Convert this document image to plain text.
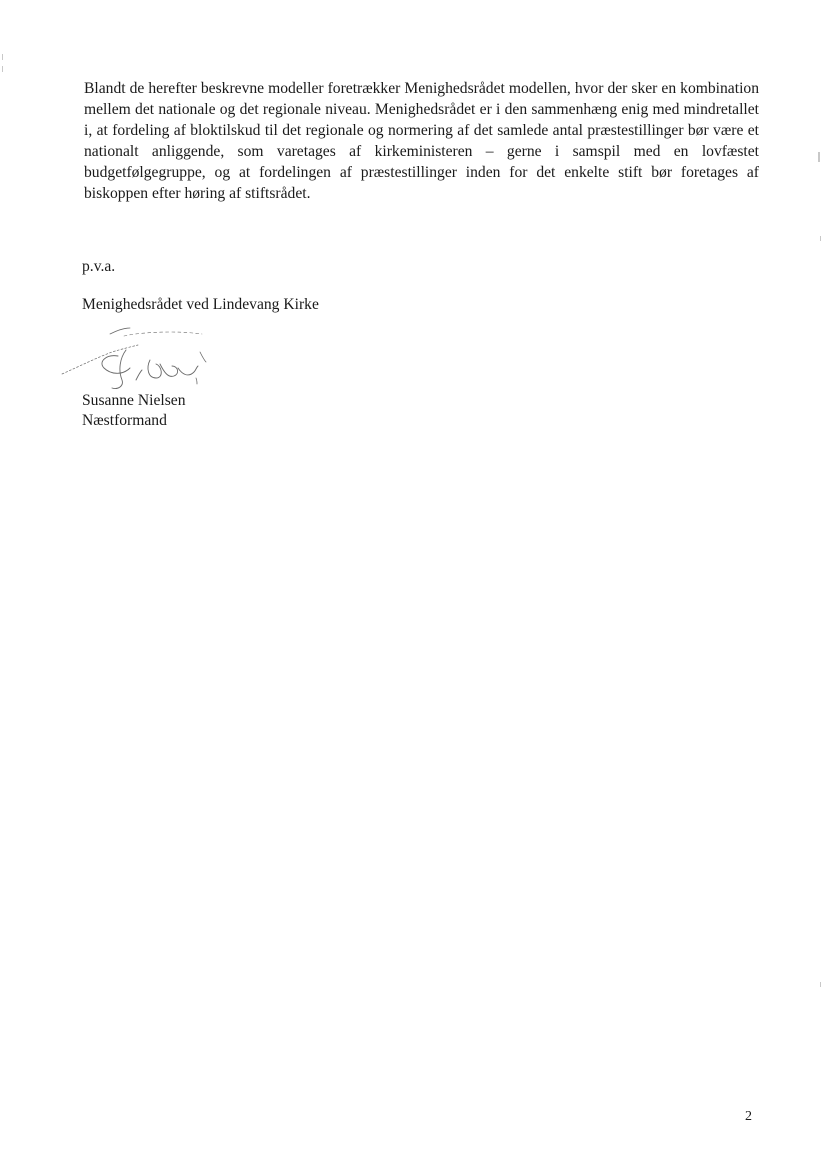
Blandt de herefter beskrevne modeller foretrækker Menighedsrådet modellen, hvor der sker en kombination mellem det nationale og det regionale niveau. Menighedsrådet er i den sammenhæng enig med mindretallet i, at fordeling af bloktilskud til det regionale og normering af det samlede antal præstestillinger bør være et nationalt anliggende, som varetages af kirkeministeren – gerne i samspil med en lovfæstet budgetfølgegruppe, og at fordelingen af præstestillinger inden for det enkelte stift bør foretages af biskoppen efter høring af stiftsrådet.

p.v.a.

Menighedsrådet ved Lindevang Kirke

Susanne Nielsen

Næstformand

2
